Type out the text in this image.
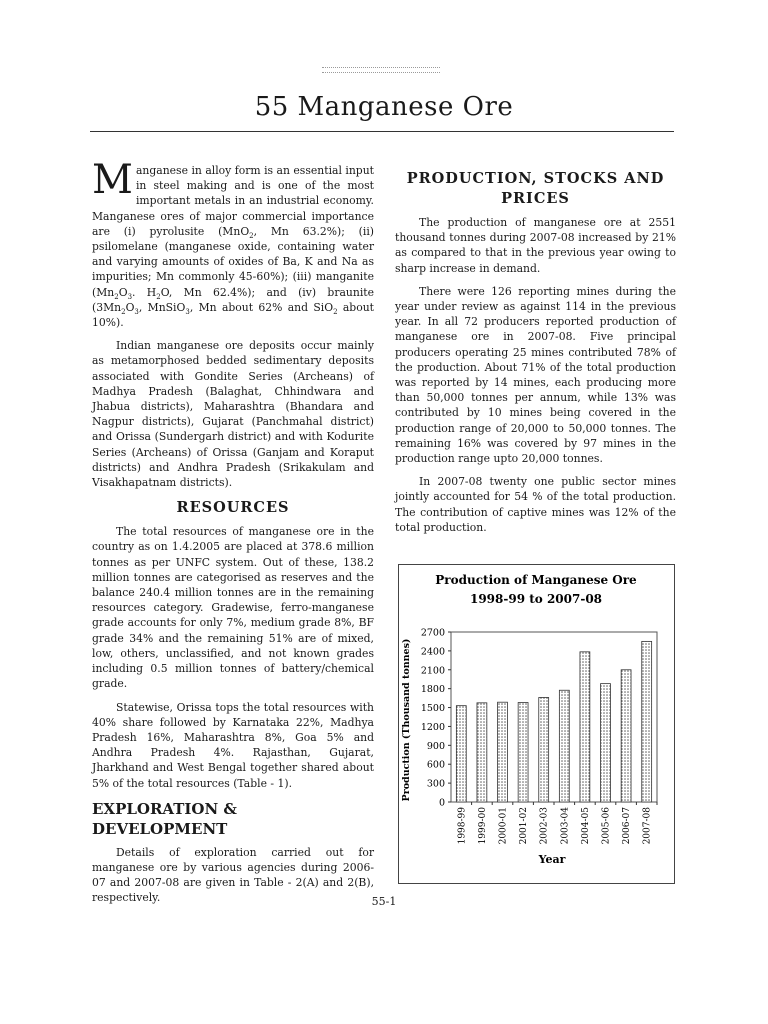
55 Manganese Ore

Manganese in alloy form is an essential input in steel making and is one of the most important metals in an industrial economy. Manganese ores of major commercial importance are (i) pyrolusite (MnO$_2$, Mn 63.2%); (ii) psilomelane (manganese oxide, containing water and varying amounts of oxides of Ba, K and Na as impurities; Mn commonly 45-60%); (iii) manganite ($Mn_2O_3$. $H_2O$, Mn 62.4%); and (iv) braunite ($3Mn_2O_3$, MnSiO$_3$, Mn about 62% and SiO$_2$ about 10%).

Indian manganese ore deposits occur mainly as metamorphosed bedded sedimentary deposits associated with Gondite Series (Archeans) of Madhya Pradesh (Balaghat, Chhindwara and Jhabua districts), Maharashtra (Bhandara and Nagpur districts), Gujarat (Panchmahal district) and Orissa (Sundergarh district) and with Kodurite Series (Archeans) of Orissa (Ganjam and Koraput districts) and Andhra Pradesh (Srikakulam and Visakhapatnam districts).

RESOURCES

The total resources of manganese ore in the country as on 1.4.2005 are placed at 378.6 million tonnes as per UNFC system. Out of these, 138.2 million tonnes are categorised as reserves and the balance 240.4 million tonnes are in the remaining resources category. Gradewise, ferro-manganese grade accounts for only 7%, medium grade 8%, BF grade 34% and the remaining 51% are of mixed, low, others, unclassified, and not known grades including 0.5 million tonnes of battery/chemical grade.

Statewise, Orissa tops the total resources with 40% share followed by Karnataka 22%, Madhya Pradesh 16%, Maharashtra 8%, Goa 5% and Andhra Pradesh 4%. Rajasthan, Gujarat, Jharkhand and West Bengal together shared about 5% of the total resources (Table - 1).

EXPLORATION & DEVELOPMENT

Details of exploration carried out for manganese ore by various agencies during 2006-07 and 2007-08 are given in Table - 2(A) and 2(B), respectively.

PRODUCTION, STOCKS AND PRICES

The production of manganese ore at 2551 thousand tonnes during 2007-08 increased by 21% as compared to that in the previous year owing to sharp increase in demand.

There were 126 reporting mines during the year under review as against 114 in the previous year. In all 72 producers reported production of manganese ore in 2007-08. Five principal producers operating 25 mines contributed 78% of the production. About 71% of the total production was reported by 14 mines, each producing more than 50,000 tonnes per annum, while 13% was contributed by 10 mines being covered in the production range of 20,000 to 50,000 tonnes. The remaining 16% was covered by 97 mines in the production range upto 20,000 tonnes.

In 2007-08 twenty one public sector mines jointly accounted for 54 % of the total production. The contribution of captive mines was 12% of the total production.

Production of Manganese Ore
1998-99 to 2007-08
0
300
600
900
1200
1500
1800
2100
2400
2700
1998-99 1999-00 2000-01 2001-02 2002-03 2003-04 2004-05 2005-06 2006-07 2007-08
Production (Thousand tonnes)
Year
55-1
